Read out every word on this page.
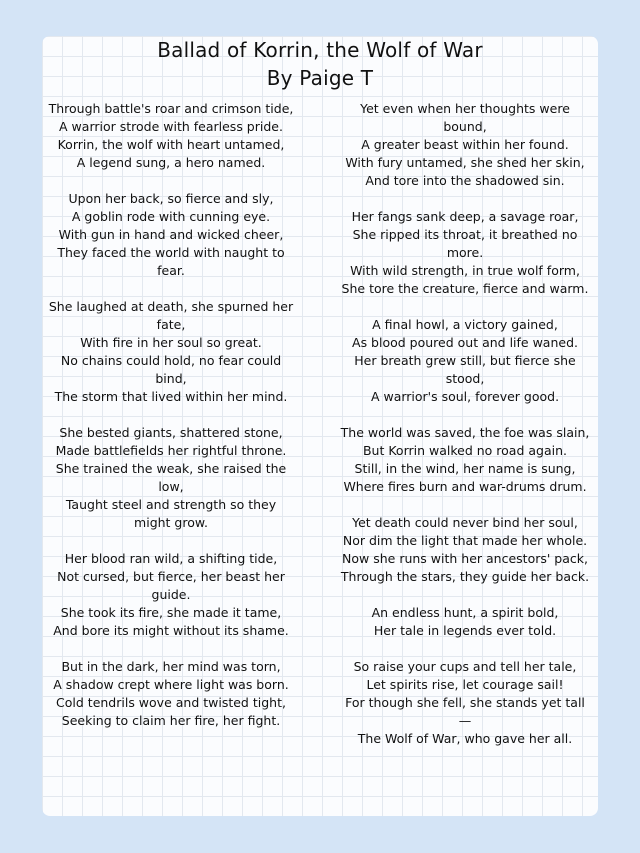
Ballad of Korrin, the Wolf of War
By Paige T
Through battle's roar and crimson tide,
A warrior strode with fearless pride.
Korrin, the wolf with heart untamed,
A legend sung, a hero named.
Upon her back, so fierce and sly,
A goblin rode with cunning eye.
With gun in hand and wicked cheer,
They faced the world with naught to fear.
She laughed at death, she spurned her fate,
With fire in her soul so great.
No chains could hold, no fear could bind,
The storm that lived within her mind.
She bested giants, shattered stone,
Made battlefields her rightful throne.
She trained the weak, she raised the low,
Taught steel and strength so they might grow.
Her blood ran wild, a shifting tide,
Not cursed, but fierce, her beast her guide.
She took its fire, she made it tame,
And bore its might without its shame.
But in the dark, her mind was torn,
A shadow crept where light was born.
Cold tendrils wove and twisted tight,
Seeking to claim her fire, her fight.
Yet even when her thoughts were bound,
A greater beast within her found.
With fury untamed, she shed her skin,
And tore into the shadowed sin.
Her fangs sank deep, a savage roar,
She ripped its throat, it breathed no more.
With wild strength, in true wolf form,
She tore the creature, fierce and warm.
A final howl, a victory gained,
As blood poured out and life waned.
Her breath grew still, but fierce she stood,
A warrior's soul, forever good.
The world was saved, the foe was slain,
But Korrin walked no road again.
Still, in the wind, her name is sung,
Where fires burn and war-drums drum.
Yet death could never bind her soul,
Nor dim the light that made her whole.
Now she runs with her ancestors' pack,
Through the stars, they guide her back.
An endless hunt, a spirit bold,
Her tale in legends ever told.
So raise your cups and tell her tale,
Let spirits rise, let courage sail!
For though she fell, she stands yet tall —
The Wolf of War, who gave her all.
